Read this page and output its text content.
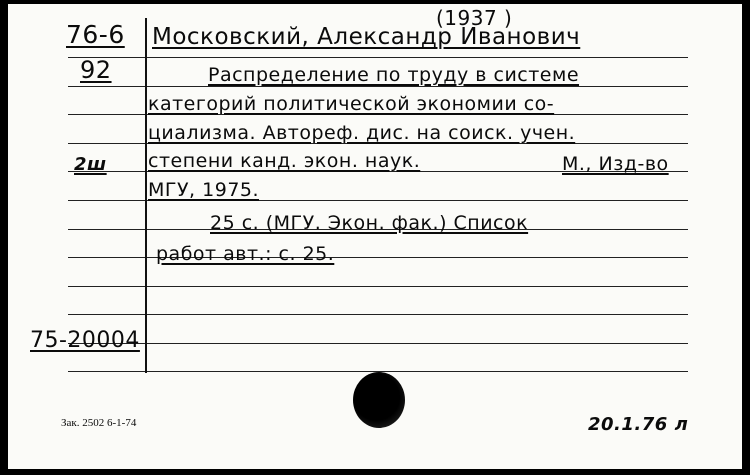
76-6
92
2ш
(1937 )
Московский, Александр Иванович
Распределение по труду в системе
категорий политической экономии со-
циализма. Автореф. дис. на соиск. учен.
степени канд. экон. наук.	М., Изд-во
МГУ, 1975.
25 с. (МГУ. Экон. фак.) Список
работ авт.: с. 25.
75-20004
Зак. 2502 6-1-74	20.1.76 л
